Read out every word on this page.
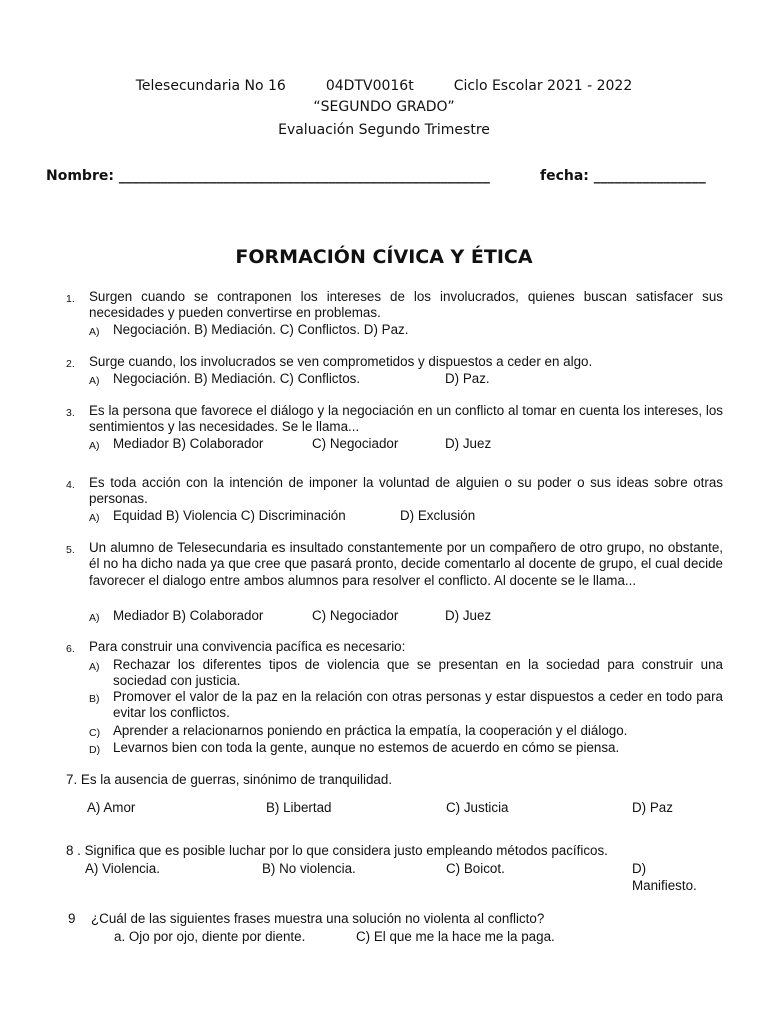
Telesecundaria No 16	04DTV0016t	Ciclo Escolar 2021 - 2022
“SEGUNDO GRADO”
Evaluación Segundo Trimestre
Nombre: _____________________________________________________	fecha: ________________
FORMACIÓN CÍVICA Y ÉTICA
1. Surgen cuando se contraponen los intereses de los involucrados, quienes buscan satisfacer sus necesidades y pueden convertirse en problemas.
A) Negociación. B) Mediación. C) Conflictos. D) Paz.
2. Surge cuando, los involucrados se ven comprometidos y dispuestos a ceder en algo.
A) Negociación. B) Mediación. C) Conflictos.	D) Paz.
3. Es la persona que favorece el diálogo y la negociación en un conflicto al tomar en cuenta los intereses, los sentimientos y las necesidades. Se le llama...
A) Mediador B) Colaborador	C) Negociador	D) Juez
4. Es toda acción con la intención de imponer la voluntad de alguien o su poder o sus ideas sobre otras personas.
A) Equidad B) Violencia C) Discriminación	D) Exclusión
5. Un alumno de Telesecundaria es insultado constantemente por un compañero de otro grupo, no obstante, él no ha dicho nada ya que cree que pasará pronto, decide comentarlo al docente de grupo, el cual decide favorecer el dialogo entre ambos alumnos para resolver el conflicto. Al docente se le llama...
A) Mediador B) Colaborador	C) Negociador	D) Juez
6. Para construir una convivencia pacífica es necesario:
A) Rechazar los diferentes tipos de violencia que se presentan en la sociedad para construir una sociedad con justicia.
B) Promover el valor de la paz en la relación con otras personas y estar dispuestos a ceder en todo para evitar los conflictos.
C) Aprender a relacionarnos poniendo en práctica la empatía, la cooperación y el diálogo.
D) Levarnos bien con toda la gente, aunque no estemos de acuerdo en cómo se piensa.
7. Es la ausencia de guerras, sinónimo de tranquilidad.
A) Amor	B) Libertad	C) Justicia	D) Paz
8 . Significa que es posible luchar por lo que considera justo empleando métodos pacíficos.
A) Violencia.	B) No violencia.	C) Boicot.	D)
Manifiesto.
9 ¿Cuál de las siguientes frases muestra una solución no violenta al conflicto?
a. Ojo por ojo, diente por diente.	C) El que me la hace me la paga.
